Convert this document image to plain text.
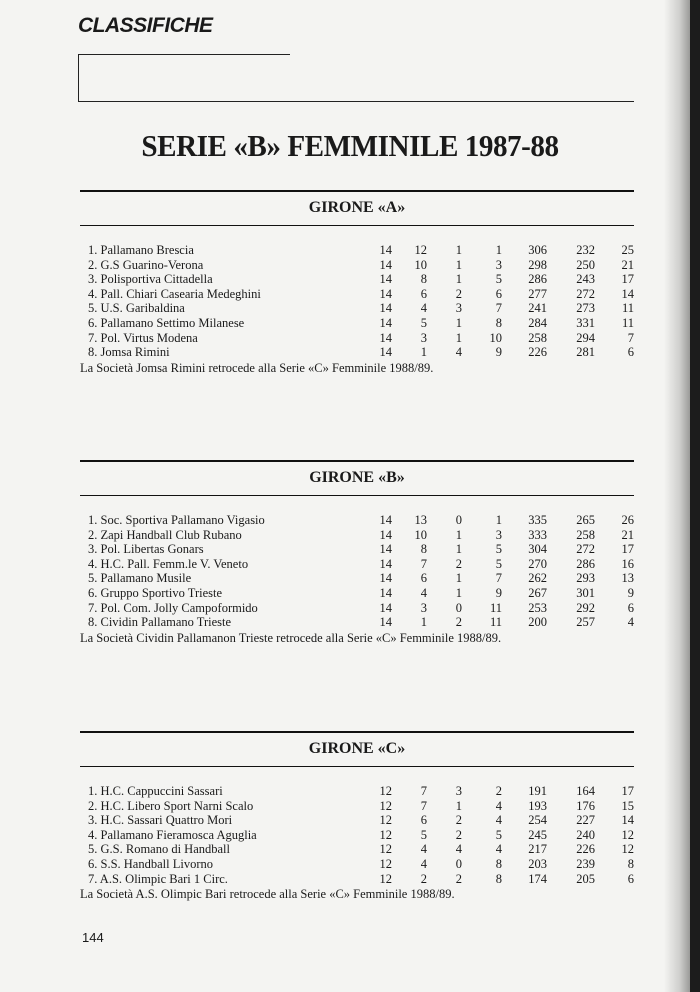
CLASSIFICHE
SERIE «B» FEMMINILE 1987-88
GIRONE «A»
1. Pallamano Brescia	14	12	1	1	306	232	25
2. G.S Guarino-Verona	14	10	1	3	298	250	21
3. Polisportiva Cittadella	14	8	1	5	286	243	17
4. Pall. Chiari Casearia Medeghini	14	6	2	6	277	272	14
5. U.S. Garibaldina	14	4	3	7	241	273	11
6. Pallamano Settimo Milanese	14	5	1	8	284	331	11
7. Pol. Virtus Modena	14	3	1	10	258	294	7
8. Jomsa Rimini	14	1	4	9	226	281	6
La Società Jomsa Rimini retrocede alla Serie «C» Femminile 1988/89.
GIRONE «B»
1. Soc. Sportiva Pallamano Vigasio	14	13	0	1	335	265	26
2. Zapi Handball Club Rubano	14	10	1	3	333	258	21
3. Pol. Libertas Gonars	14	8	1	5	304	272	17
4. H.C. Pall. Femm.le V. Veneto	14	7	2	5	270	286	16
5. Pallamano Musile	14	6	1	7	262	293	13
6. Gruppo Sportivo Trieste	14	4	1	9	267	301	9
7. Pol. Com. Jolly Campoformido	14	3	0	11	253	292	6
8. Cividin Pallamano Trieste	14	1	2	11	200	257	4
La Società Cividin Pallamanon Trieste retrocede alla Serie «C» Femminile 1988/89.
GIRONE «C»
1. H.C. Cappuccini Sassari	12	7	3	2	191	164	17
2. H.C. Libero Sport Narni Scalo	12	7	1	4	193	176	15
3. H.C. Sassari Quattro Mori	12	6	2	4	254	227	14
4. Pallamano Fieramosca Aguglia	12	5	2	5	245	240	12
5. G.S. Romano di Handball	12	4	4	4	217	226	12
6. S.S. Handball Livorno	12	4	0	8	203	239	8
7. A.S. Olimpic Bari 1 Circ.	12	2	2	8	174	205	6
La Società A.S. Olimpic Bari retrocede alla Serie «C» Femminile 1988/89.

144
